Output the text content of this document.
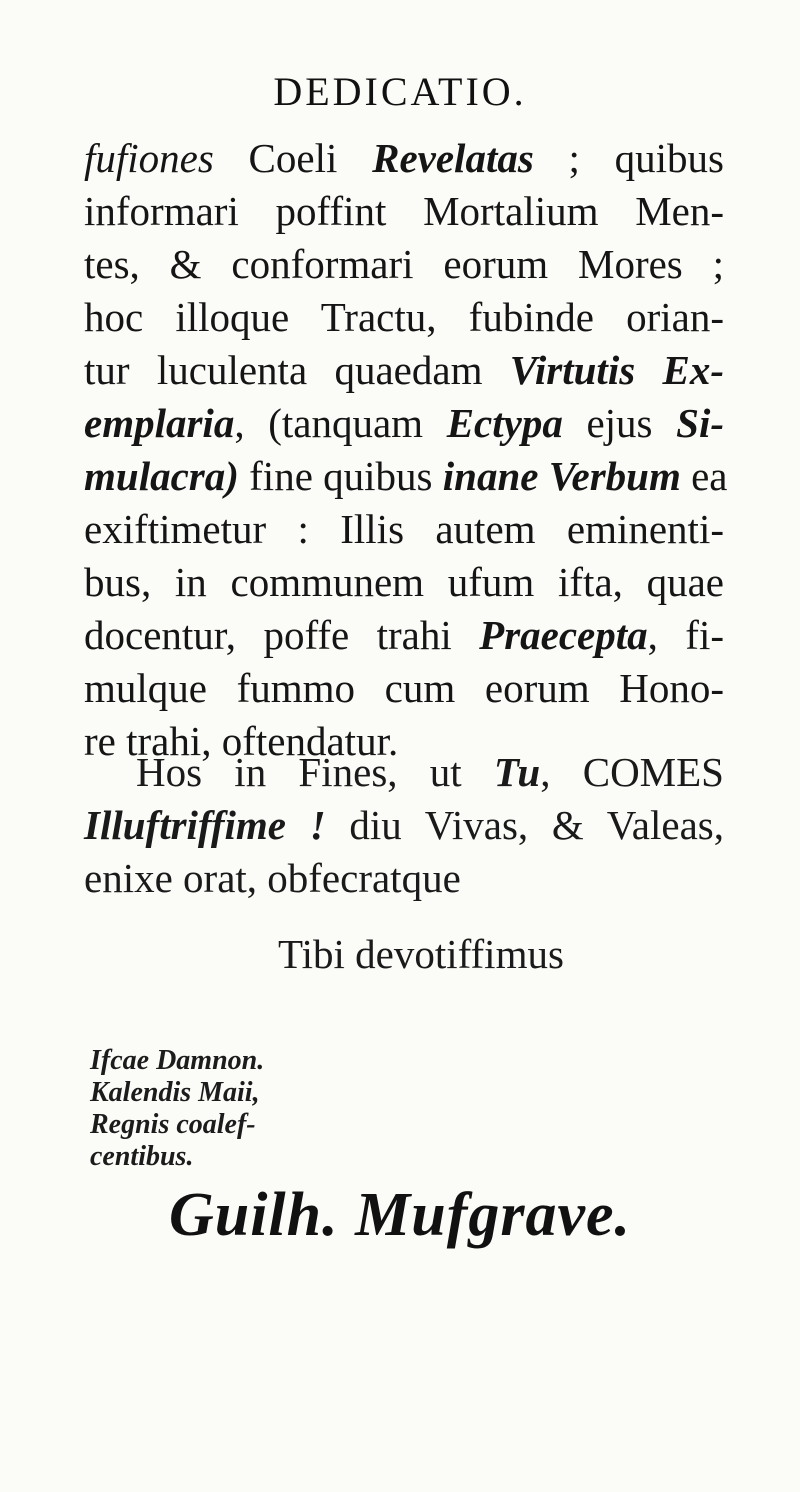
DEDICATIO.
fufiones Coeli Revelatas ; quibus
informari poffint Mortalium Men-
tes, & conformari eorum Mores ;
hoc illoque Tractu, fubinde orian-
tur luculenta quaedam Virtutis Ex-
emplaria, (tanquam Ectypa ejus Si-
mulacra) fine quibus inane Verbum ea
exiftimetur : Illis autem eminenti-
bus, in communem ufum ifta, quae
docentur, poffe trahi Praecepta, fi-
mulque fummo cum eorum Hono-
re trahi, oftendatur.
Hos in Fines, ut Tu, COMES
Illuftriffime ! diu Vivas, & Valeas,
enixe orat, obfecratque
Tibi devotiffimus
Ifcae Damnon.
Kalendis Maii,
Regnis coalef-
centibus.
Guilh. Mufgrave.
